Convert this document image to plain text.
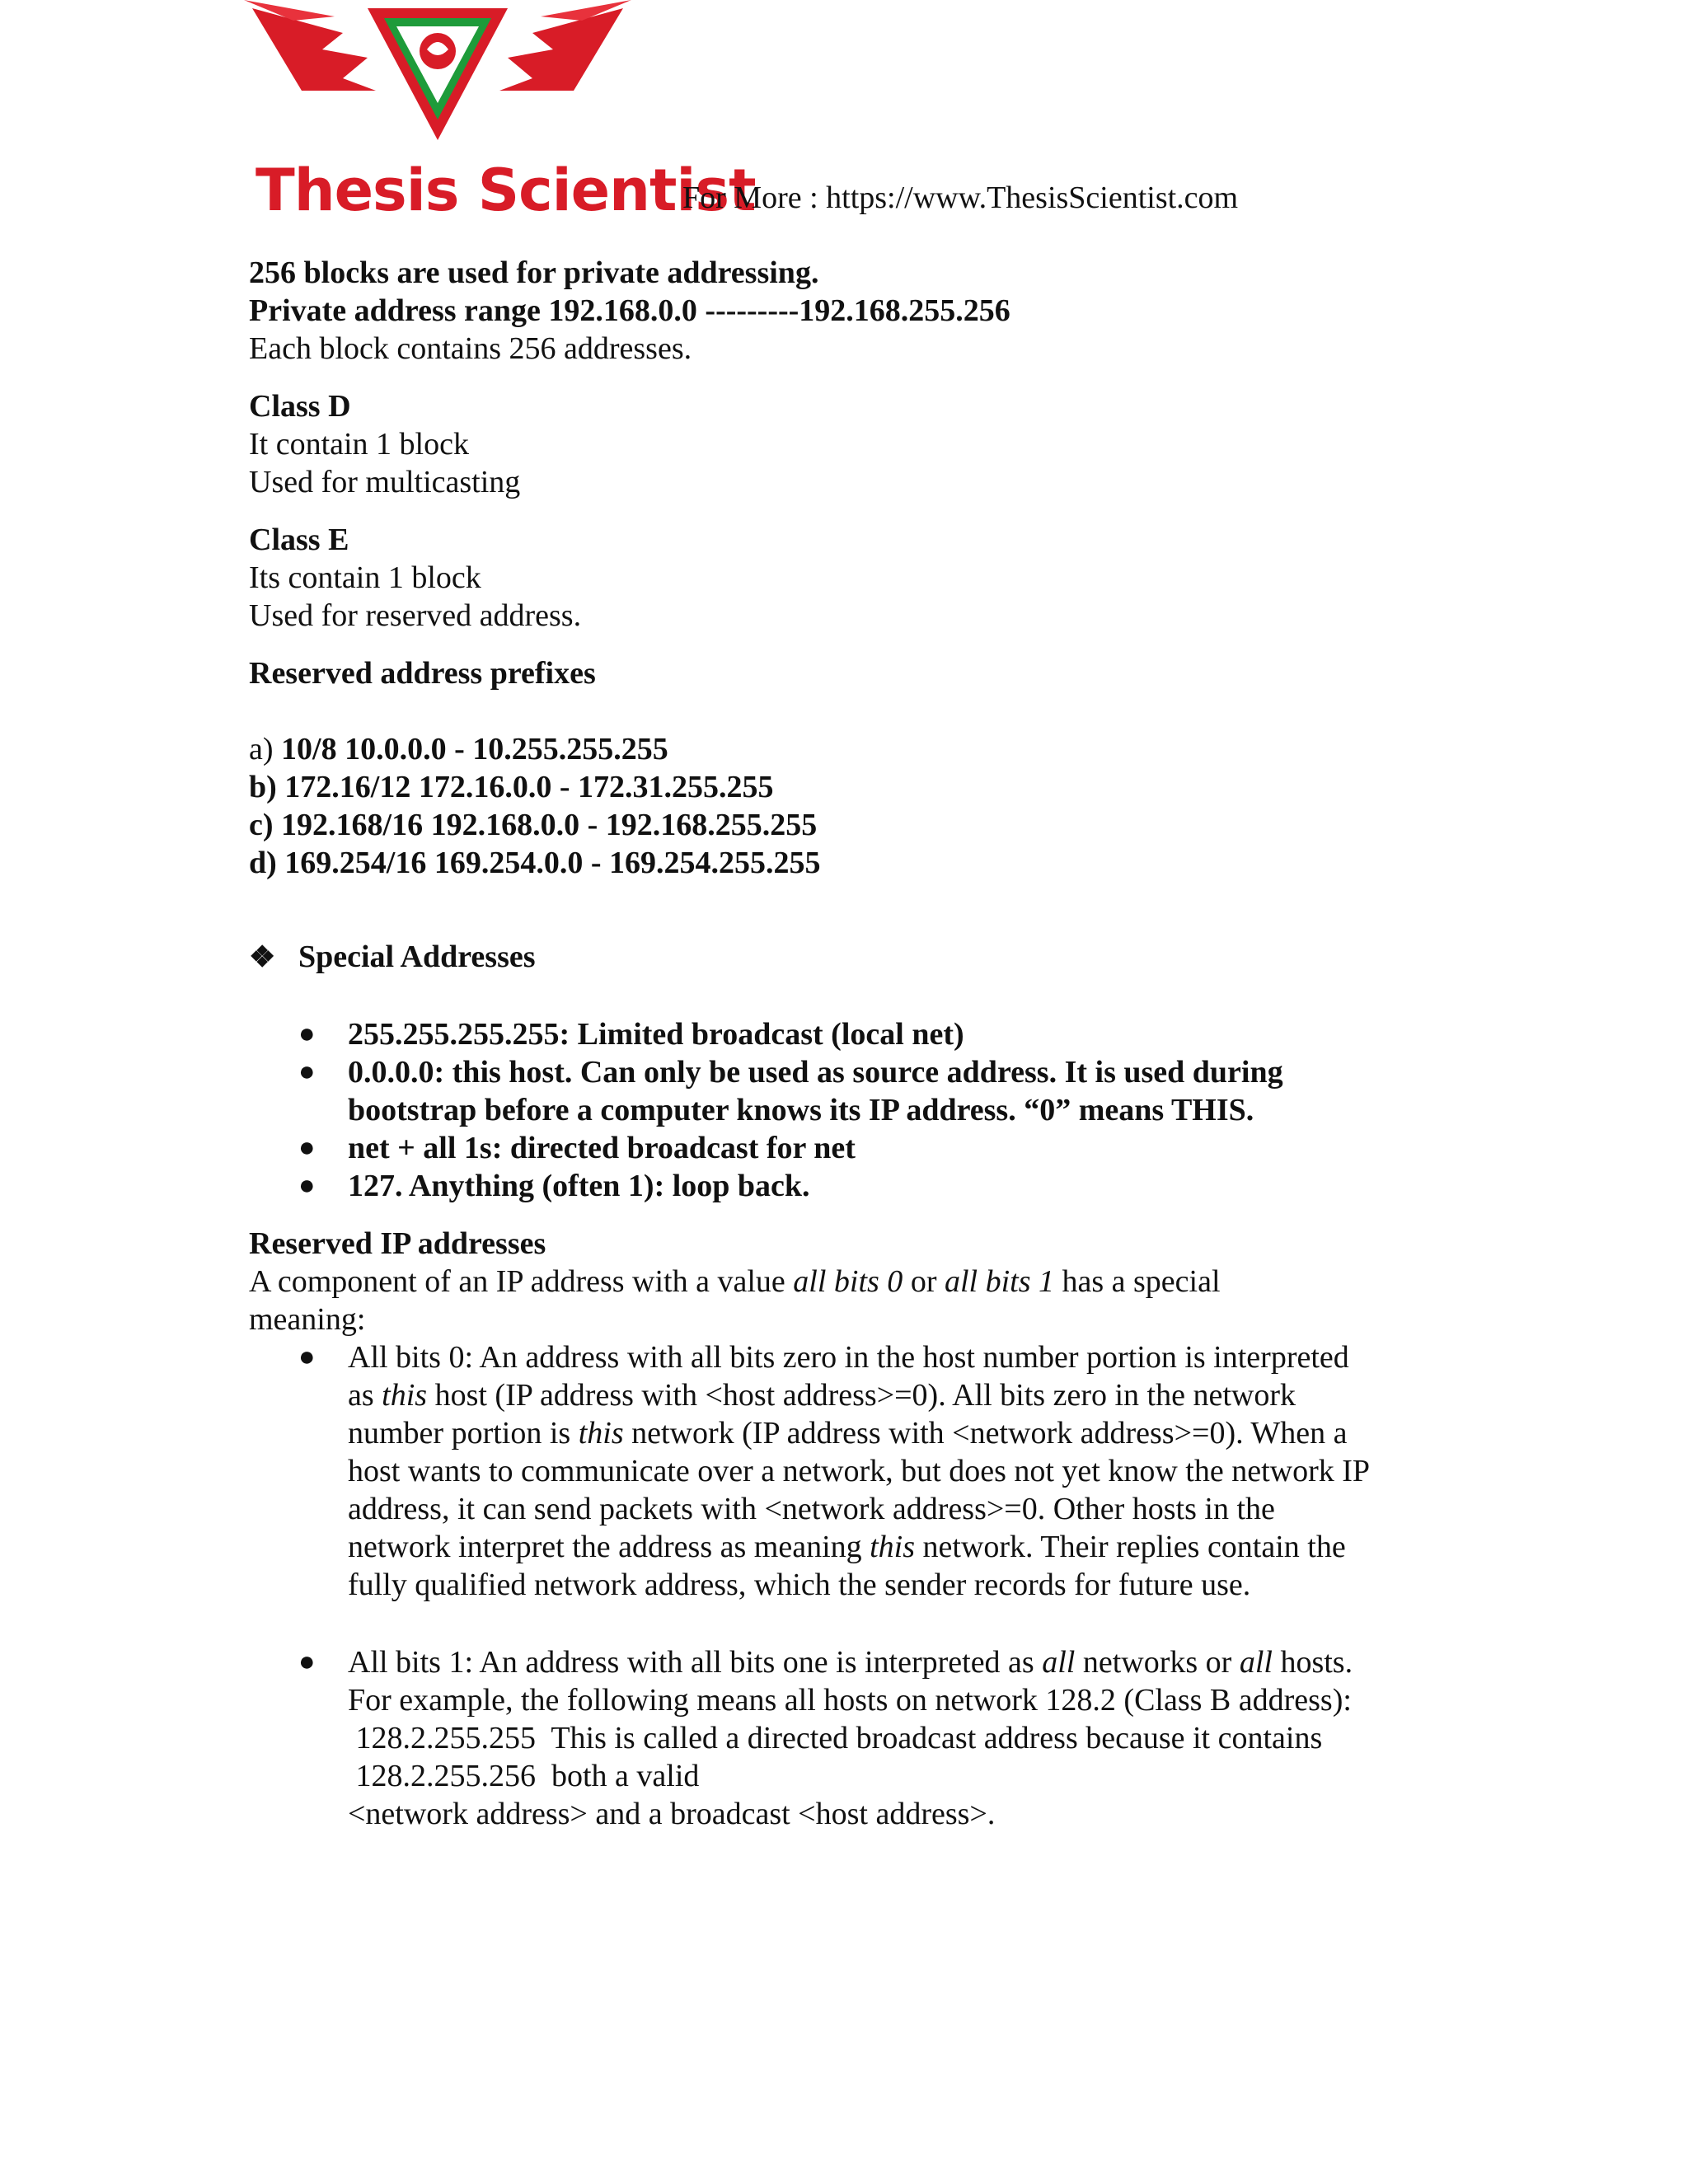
Thesis Scientist
For More : https://www.ThesisScientist.com

256 blocks are used for private addressing.

Private address range 192.168.0.0 ---------192.168.255.256

Each block contains 256 addresses.

Class D

It contain 1 block

Used for multicasting

Class E

Its contain 1 block

Used for reserved address.

Reserved address prefixes

a) 10/8 10.0.0.0 - 10.255.255.255

b) 172.16/12 172.16.0.0 - 172.31.255.255

c) 192.168/16 192.168.0.0 - 192.168.255.255

d) 169.254/16 169.254.0.0 - 169.254.255.255

❖ Special Addresses

● 255.255.255.255: Limited broadcast (local net)
● 0.0.0.0: this host. Can only be used as source address. It is used during
bootstrap before a computer knows its IP address. “0” means THIS.
● net + all 1s: directed broadcast for net
● 127. Anything (often 1): loop back.

Reserved IP addresses

A component of an IP address with a value all bits 0 or all bits 1 has a special

meaning:

● All bits 0: An address with all bits zero in the host number portion is interpreted
as this host (IP address with <host address>=0). All bits zero in the network
number portion is this network (IP address with <network address>=0). When a
host wants to communicate over a network, but does not yet know the network IP
address, it can send packets with <network address>=0. Other hosts in the
network interpret the address as meaning this network. Their replies contain the
fully qualified network address, which the sender records for future use.
● All bits 1: An address with all bits one is interpreted as all networks or all hosts.
For example, the following means all hosts on network 128.2 (Class B address):
128.2.255.255  This is called a directed broadcast address because it contains
128.2.255.256  both a valid
<network address> and a broadcast <host address>.
